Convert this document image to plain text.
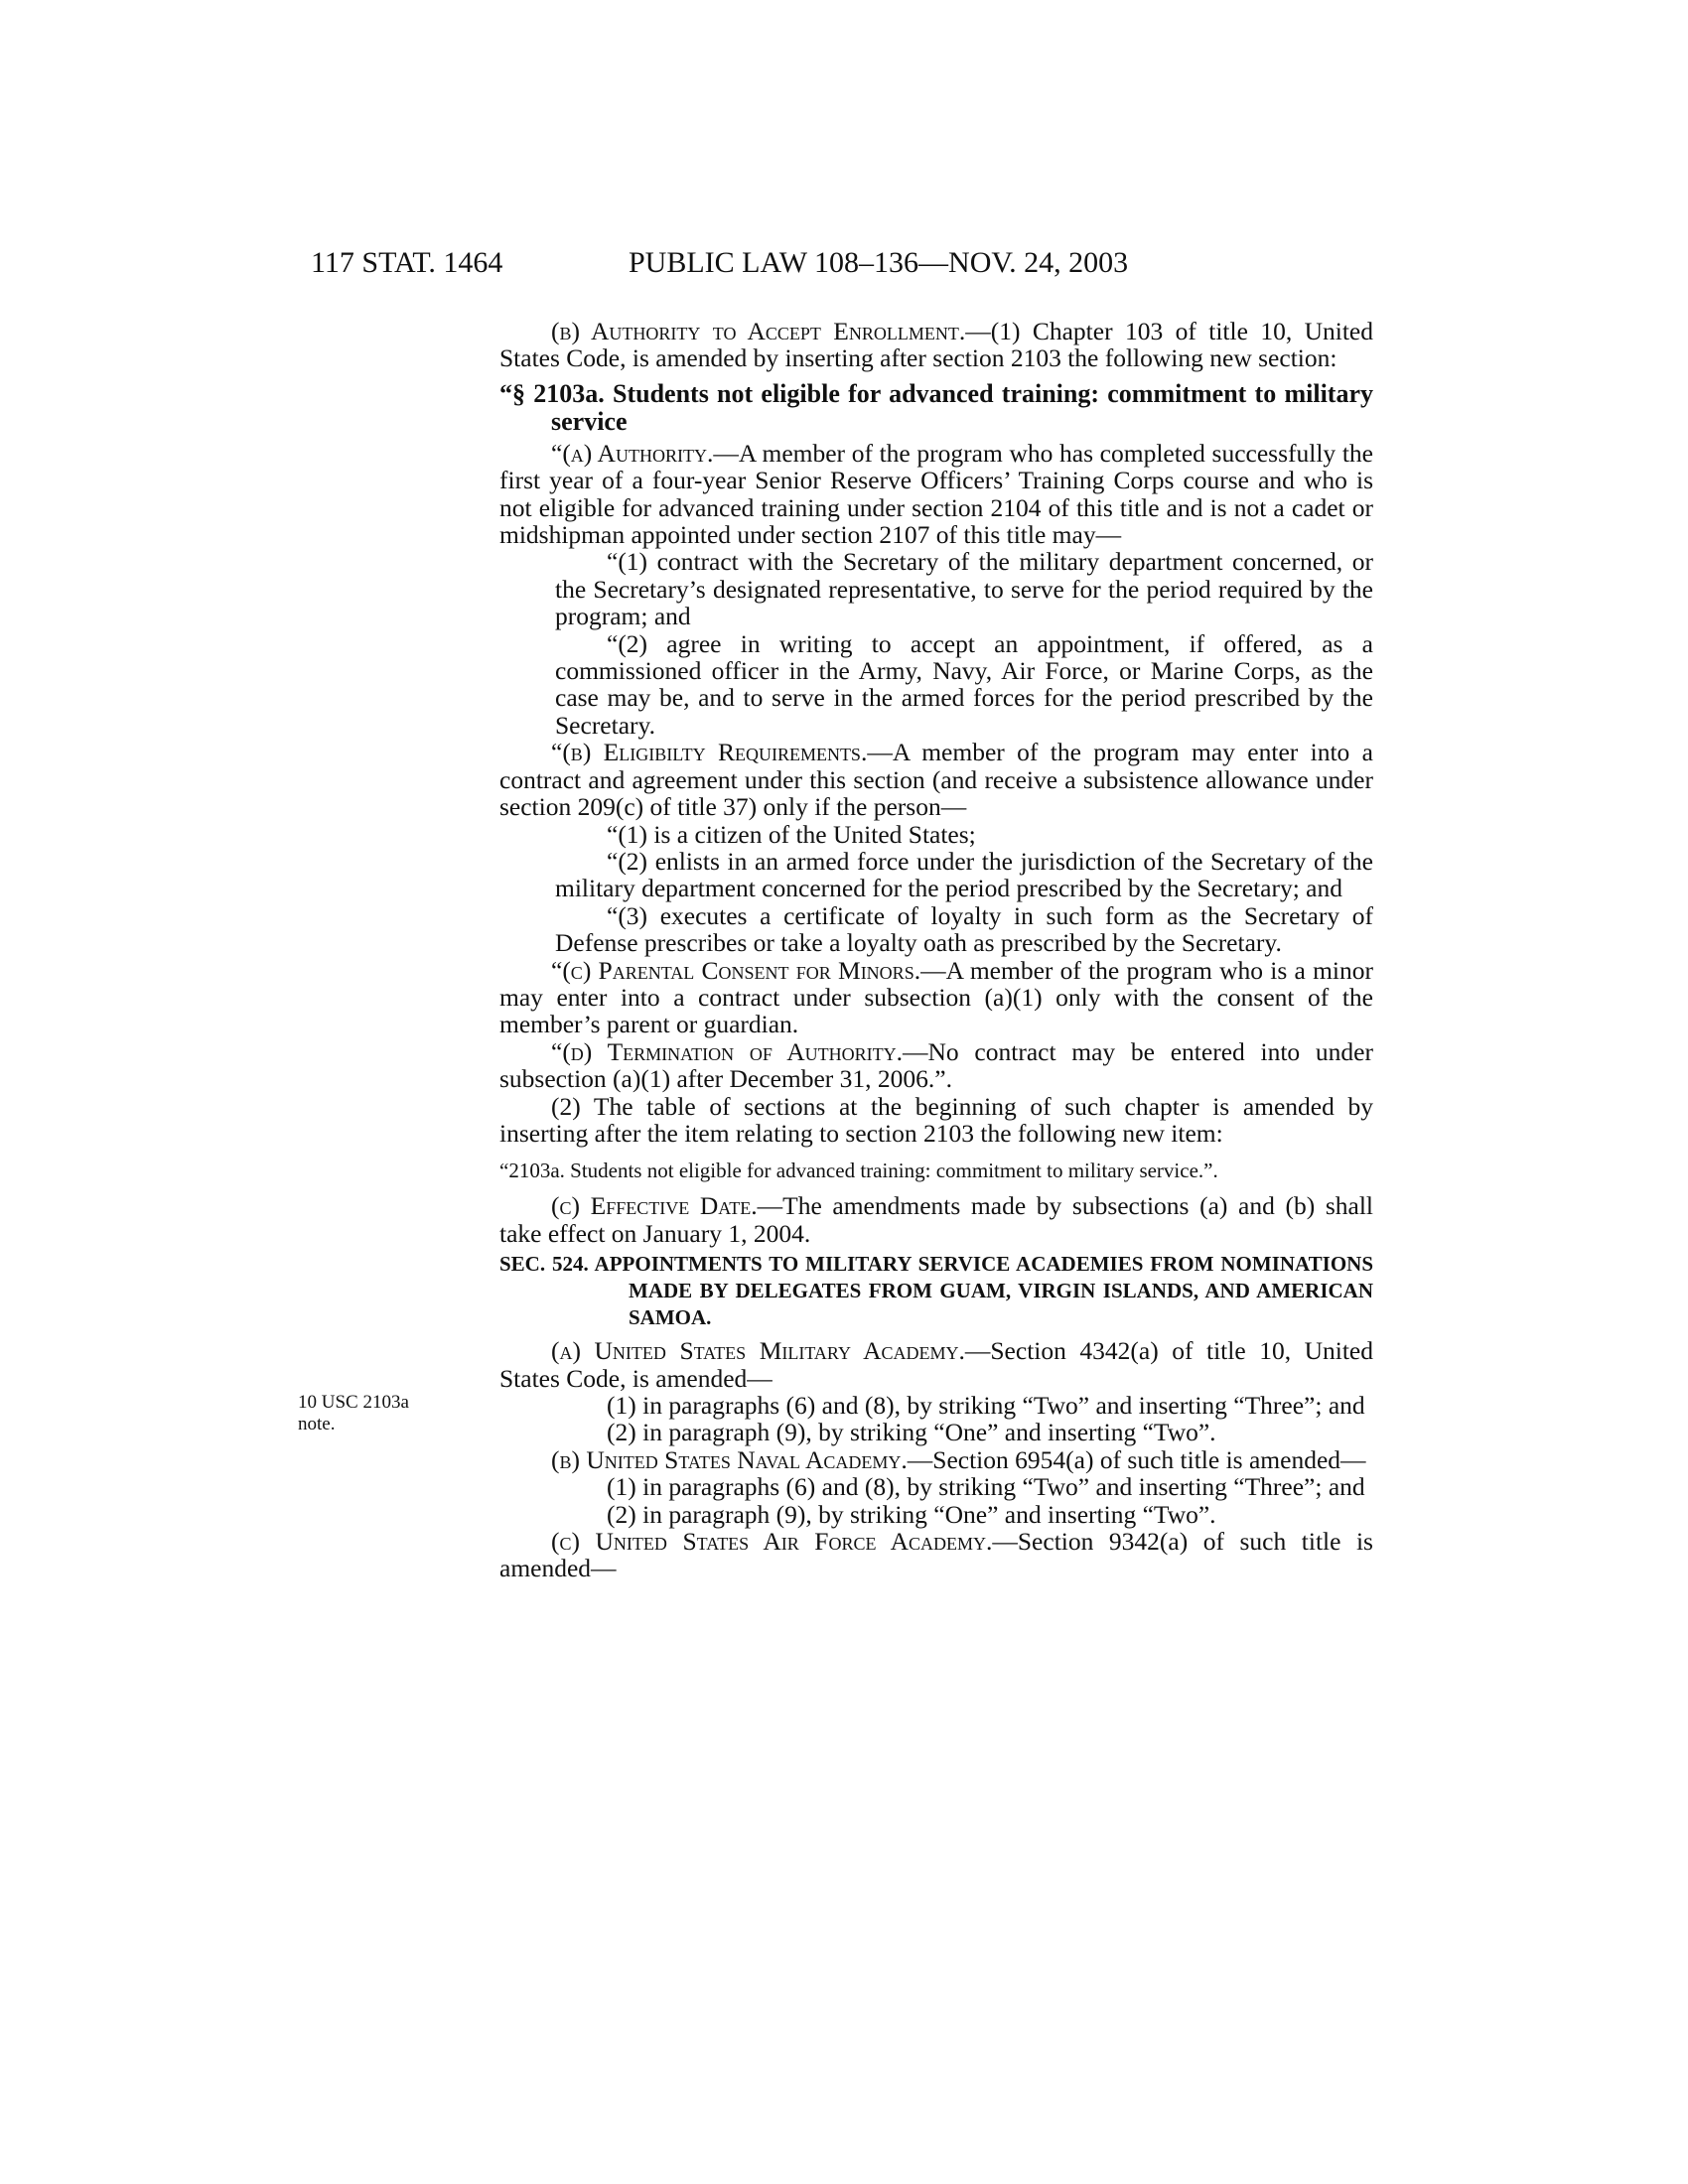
117 STAT. 1464	PUBLIC LAW 108–136—NOV. 24, 2003
10 USC 2103a
note.

(b) Authority to Accept Enrollment.—(1) Chapter 103 of title 10, United States Code, is amended by inserting after section 2103 the following new section:

“§ 2103a. Students not eligible for advanced training: commitment to military service

“(a) Authority.—A member of the program who has completed successfully the first year of a four-year Senior Reserve Officers’ Training Corps course and who is not eligible for advanced training under section 2104 of this title and is not a cadet or midshipman appointed under section 2107 of this title may—

“(1) contract with the Secretary of the military department concerned, or the Secretary’s designated representative, to serve for the period required by the program; and

“(2) agree in writing to accept an appointment, if offered, as a commissioned officer in the Army, Navy, Air Force, or Marine Corps, as the case may be, and to serve in the armed forces for the period prescribed by the Secretary.

“(b) Eligibilty Requirements.—A member of the program may enter into a contract and agreement under this section (and receive a subsistence allowance under section 209(c) of title 37) only if the person—

“(1) is a citizen of the United States;

“(2) enlists in an armed force under the jurisdiction of the Secretary of the military department concerned for the period prescribed by the Secretary; and

“(3) executes a certificate of loyalty in such form as the Secretary of Defense prescribes or take a loyalty oath as prescribed by the Secretary.

“(c) Parental Consent for Minors.—A member of the program who is a minor may enter into a contract under subsection (a)(1) only with the consent of the member’s parent or guardian.

“(d) Termination of Authority.—No contract may be entered into under subsection (a)(1) after December 31, 2006.”.

(2) The table of sections at the beginning of such chapter is amended by inserting after the item relating to section 2103 the following new item:

“2103a. Students not eligible for advanced training: commitment to military service.”.

(c) Effective Date.—The amendments made by subsections (a) and (b) shall take effect on January 1, 2004.

SEC. 524. APPOINTMENTS TO MILITARY SERVICE ACADEMIES FROM NOMINATIONS MADE BY DELEGATES FROM GUAM, VIRGIN ISLANDS, AND AMERICAN SAMOA.

(a) United States Military Academy.—Section 4342(a) of title 10, United States Code, is amended—

(1) in paragraphs (6) and (8), by striking “Two” and inserting “Three”; and

(2) in paragraph (9), by striking “One” and inserting “Two”.

(b) United States Naval Academy.—Section 6954(a) of such title is amended—

(1) in paragraphs (6) and (8), by striking “Two” and inserting “Three”; and

(2) in paragraph (9), by striking “One” and inserting “Two”.

(c) United States Air Force Academy.—Section 9342(a) of such title is amended—
